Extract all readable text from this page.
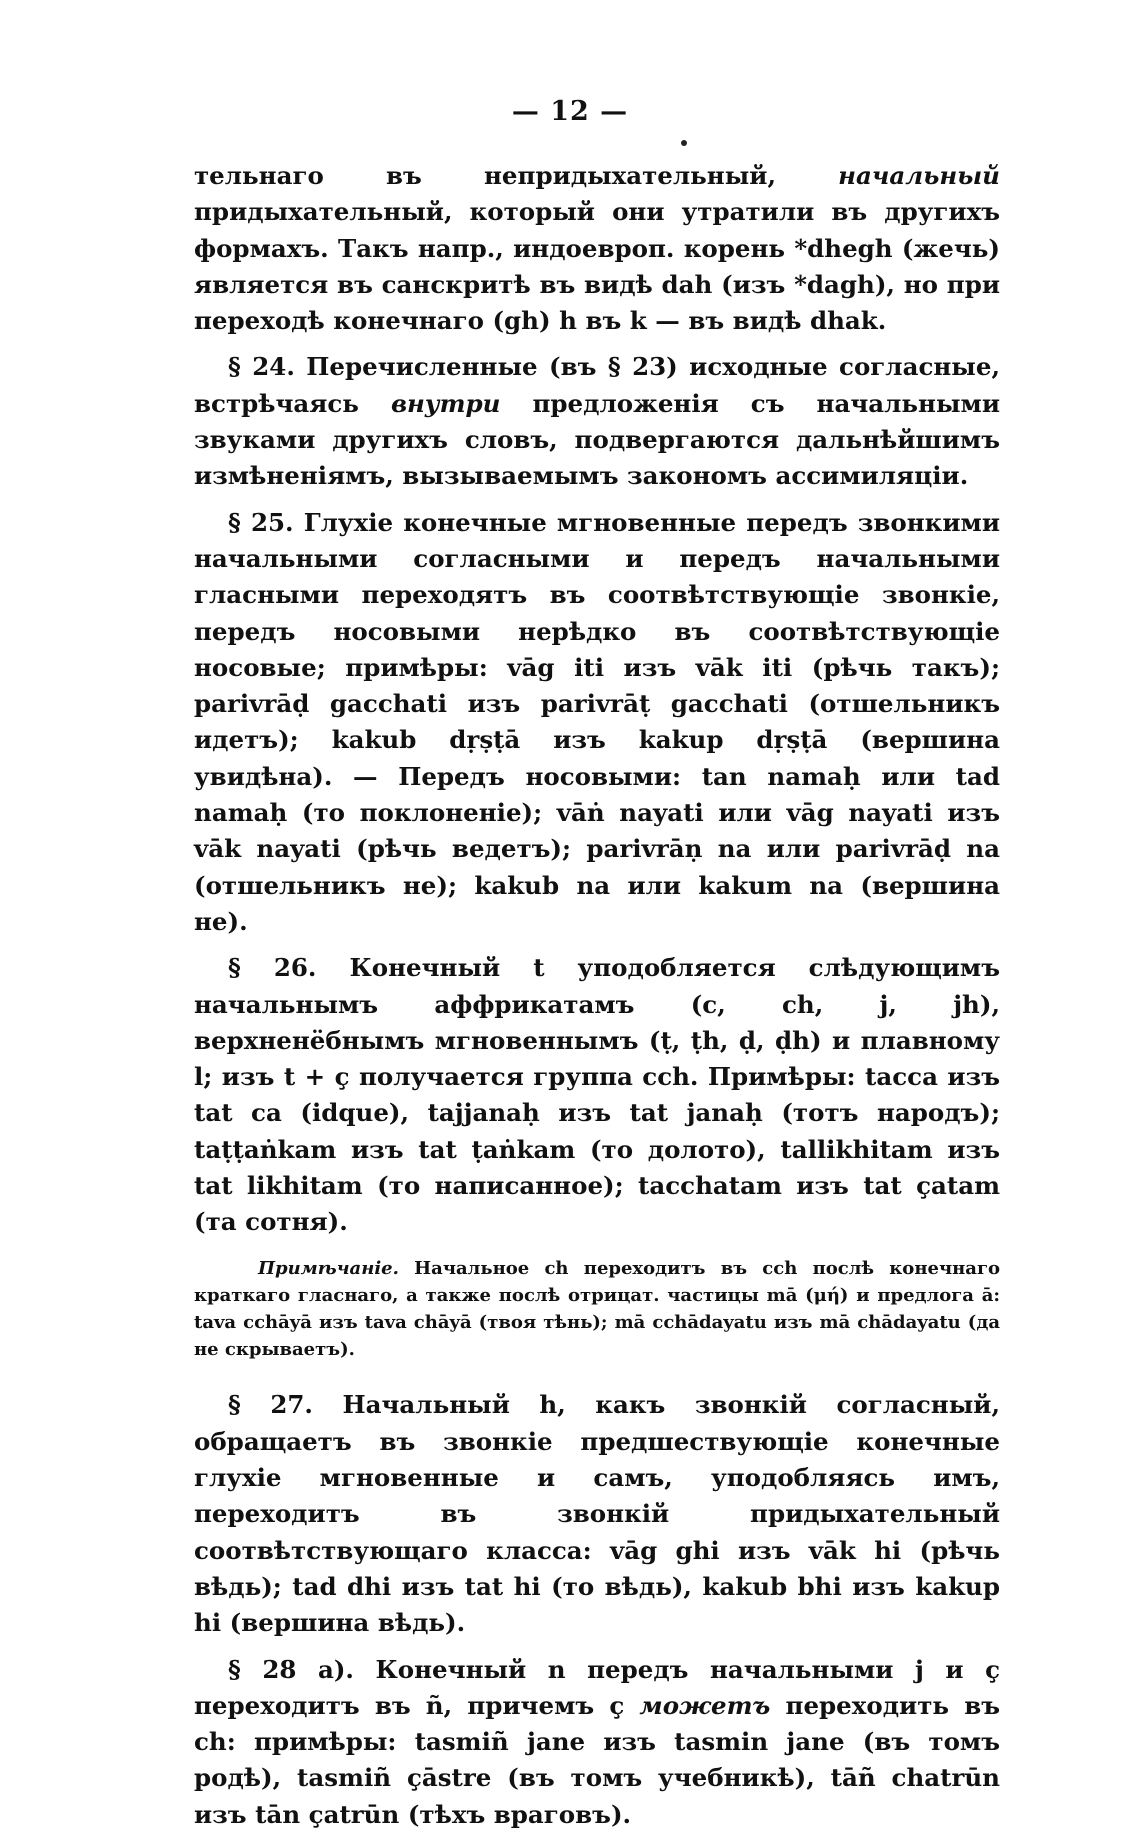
— 12 —

тельнаго въ непридыхательный, начальный придыхательный, который они утратили въ другихъ формахъ. Такъ напр., индоевроп. корень *dhegh (жечь) является въ санскритѣ въ видѣ dah (изъ *dagh), но при переходѣ конечнаго (gh) h въ k — въ видѣ dhak.

§ 24. Перечисленные (въ § 23) исходные согласные, встрѣчаясь внутри предложенія съ начальными звуками другихъ словъ, подвергаются дальнѣйшимъ измѣненіямъ, вызываемымъ закономъ ассимиляціи.

§ 25. Глухіе конечные мгновенные передъ звонкими начальными согласными и передъ начальными гласными переходятъ въ соотвѣтствующіе звонкіе, передъ носовыми нерѣдко въ соотвѣтствующіе носовые; примѣры: vāg iti изъ vāk iti (рѣчь такъ); parivrāḍ gacchati изъ parivrāṭ gacchati (отшельникъ идетъ); kakub dṛṣṭā изъ kakup dṛṣṭā (вершина увидѣна). — Передъ носовыми: tan namaḥ или tad namaḥ (то поклоненіе); vāṅ nayati или vāg nayati изъ vāk nayati (рѣчь ведетъ); parivrāṇ na или parivrāḍ na (отшельникъ не); kakub na или kakum na (вершина не).

§ 26. Конечный t уподобляется слѣдующимъ начальнымъ аффрикатамъ (c, ch, j, jh), верхненёбнымъ мгновеннымъ (ṭ, ṭh, ḍ, ḍh) и плавному l; изъ t + ç получается группа cch. Примѣры: tacca изъ tat ca (idque), tajjanaḥ изъ tat janaḥ (тотъ народъ); taṭṭaṅkam изъ tat ṭaṅkam (то долото), tallikhitam изъ tat likhitam (то написанное); tacchatam изъ tat çatam (та сотня).

Примѣчаніе. Начальное ch переходитъ въ cch послѣ конечнаго краткаго гласнаго, а также послѣ отрицат. частицы mā (μή) и предлога ā: tava cchāyā изъ tava chāyā (твоя тѣнь); mā cchādayatu изъ mā chādayatu (да не скрываетъ).

§ 27. Начальный h, какъ звонкій согласный, обращаетъ въ звонкіе предшествующіе конечные глухіе мгновенные и самъ, уподобляясь имъ, переходитъ въ звонкій придыхательный соотвѣтствующаго класса: vāg ghi изъ vāk hi (рѣчь вѣдь); tad dhi изъ tat hi (то вѣдь), kakub bhi изъ kakup hi (вершина вѣдь).

§ 28 а). Конечный n передъ начальными j и ç переходитъ въ ñ, причемъ ç можетъ переходить въ ch: примѣры: tasmiñ jane изъ tasmin jane (въ томъ родѣ), tasmiñ çāstre (въ томъ учебникѣ), tāñ chatrūn изъ tān çatrūn (тѣхъ враговъ).
